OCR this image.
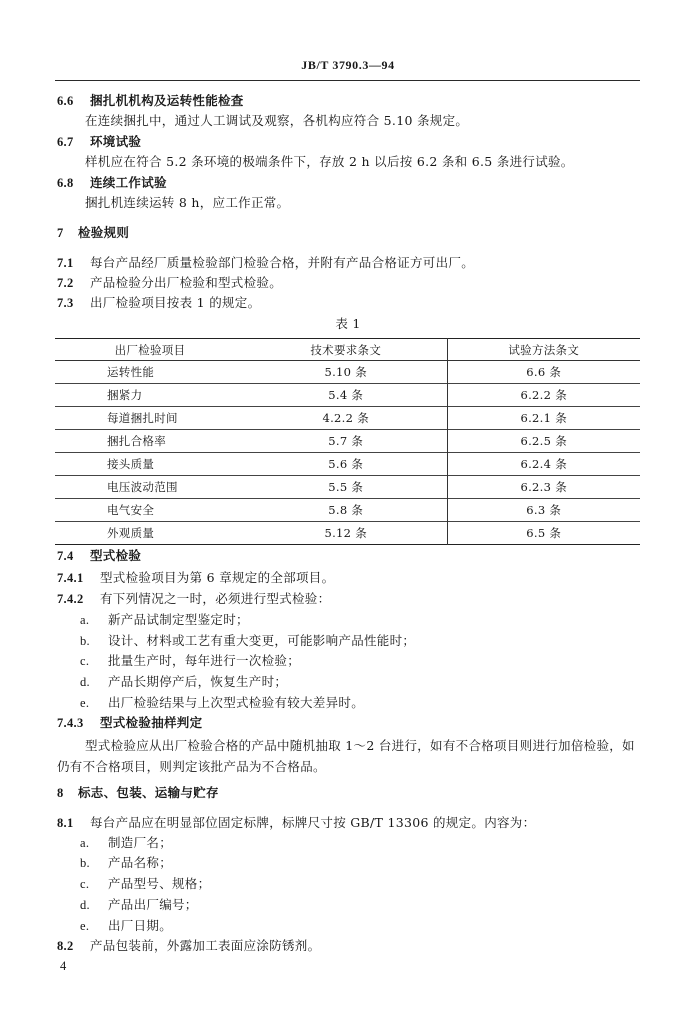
JB/T 3790.3—94
6.6 捆扎机机构及运转性能检查
在连续捆扎中，通过人工调试及观察，各机构应符合 5.10 条规定。
6.7 环境试验
样机应在符合 5.2 条环境的极端条件下，存放 2 h 以后按 6.2 条和 6.5 条进行试验。
6.8 连续工作试验
捆扎机连续运转 8 h，应工作正常。
7 检验规则
7.1 每台产品经厂质量检验部门检验合格，并附有产品合格证方可出厂。
7.2 产品检验分出厂检验和型式检验。
7.3 出厂检验项目按表 1 的规定。
表 1
出厂检验项目	技术要求条文	试验方法条文
运转性能	5.10 条	6.6 条
捆紧力	5.4 条	6.2.2 条
每道捆扎时间	4.2.2 条	6.2.1 条
捆扎合格率	5.7 条	6.2.5 条
接头质量	5.6 条	6.2.4 条
电压波动范围	5.5 条	6.2.3 条
电气安全	5.8 条	6.3 条
外观质量	5.12 条	6.5 条
7.4 型式检验
7.4.1 型式检验项目为第 6 章规定的全部项目。
7.4.2 有下列情况之一时，必须进行型式检验：
a. 新产品试制定型鉴定时；
b. 设计、材料或工艺有重大变更，可能影响产品性能时；
c. 批量生产时，每年进行一次检验；
d. 产品长期停产后，恢复生产时；
e. 出厂检验结果与上次型式检验有较大差异时。
7.4.3 型式检验抽样判定
型式检验应从出厂检验合格的产品中随机抽取 1～2 台进行，如有不合格项目则进行加倍检验，如仍有不合格项目，则判定该批产品为不合格品。
8 标志、包装、运输与贮存
8.1 每台产品应在明显部位固定标牌，标牌尺寸按 GB/T 13306 的规定。内容为：
a. 制造厂名；
b. 产品名称；
c. 产品型号、规格；
d. 产品出厂编号；
e. 出厂日期。
8.2 产品包装前，外露加工表面应涂防锈剂。
4
